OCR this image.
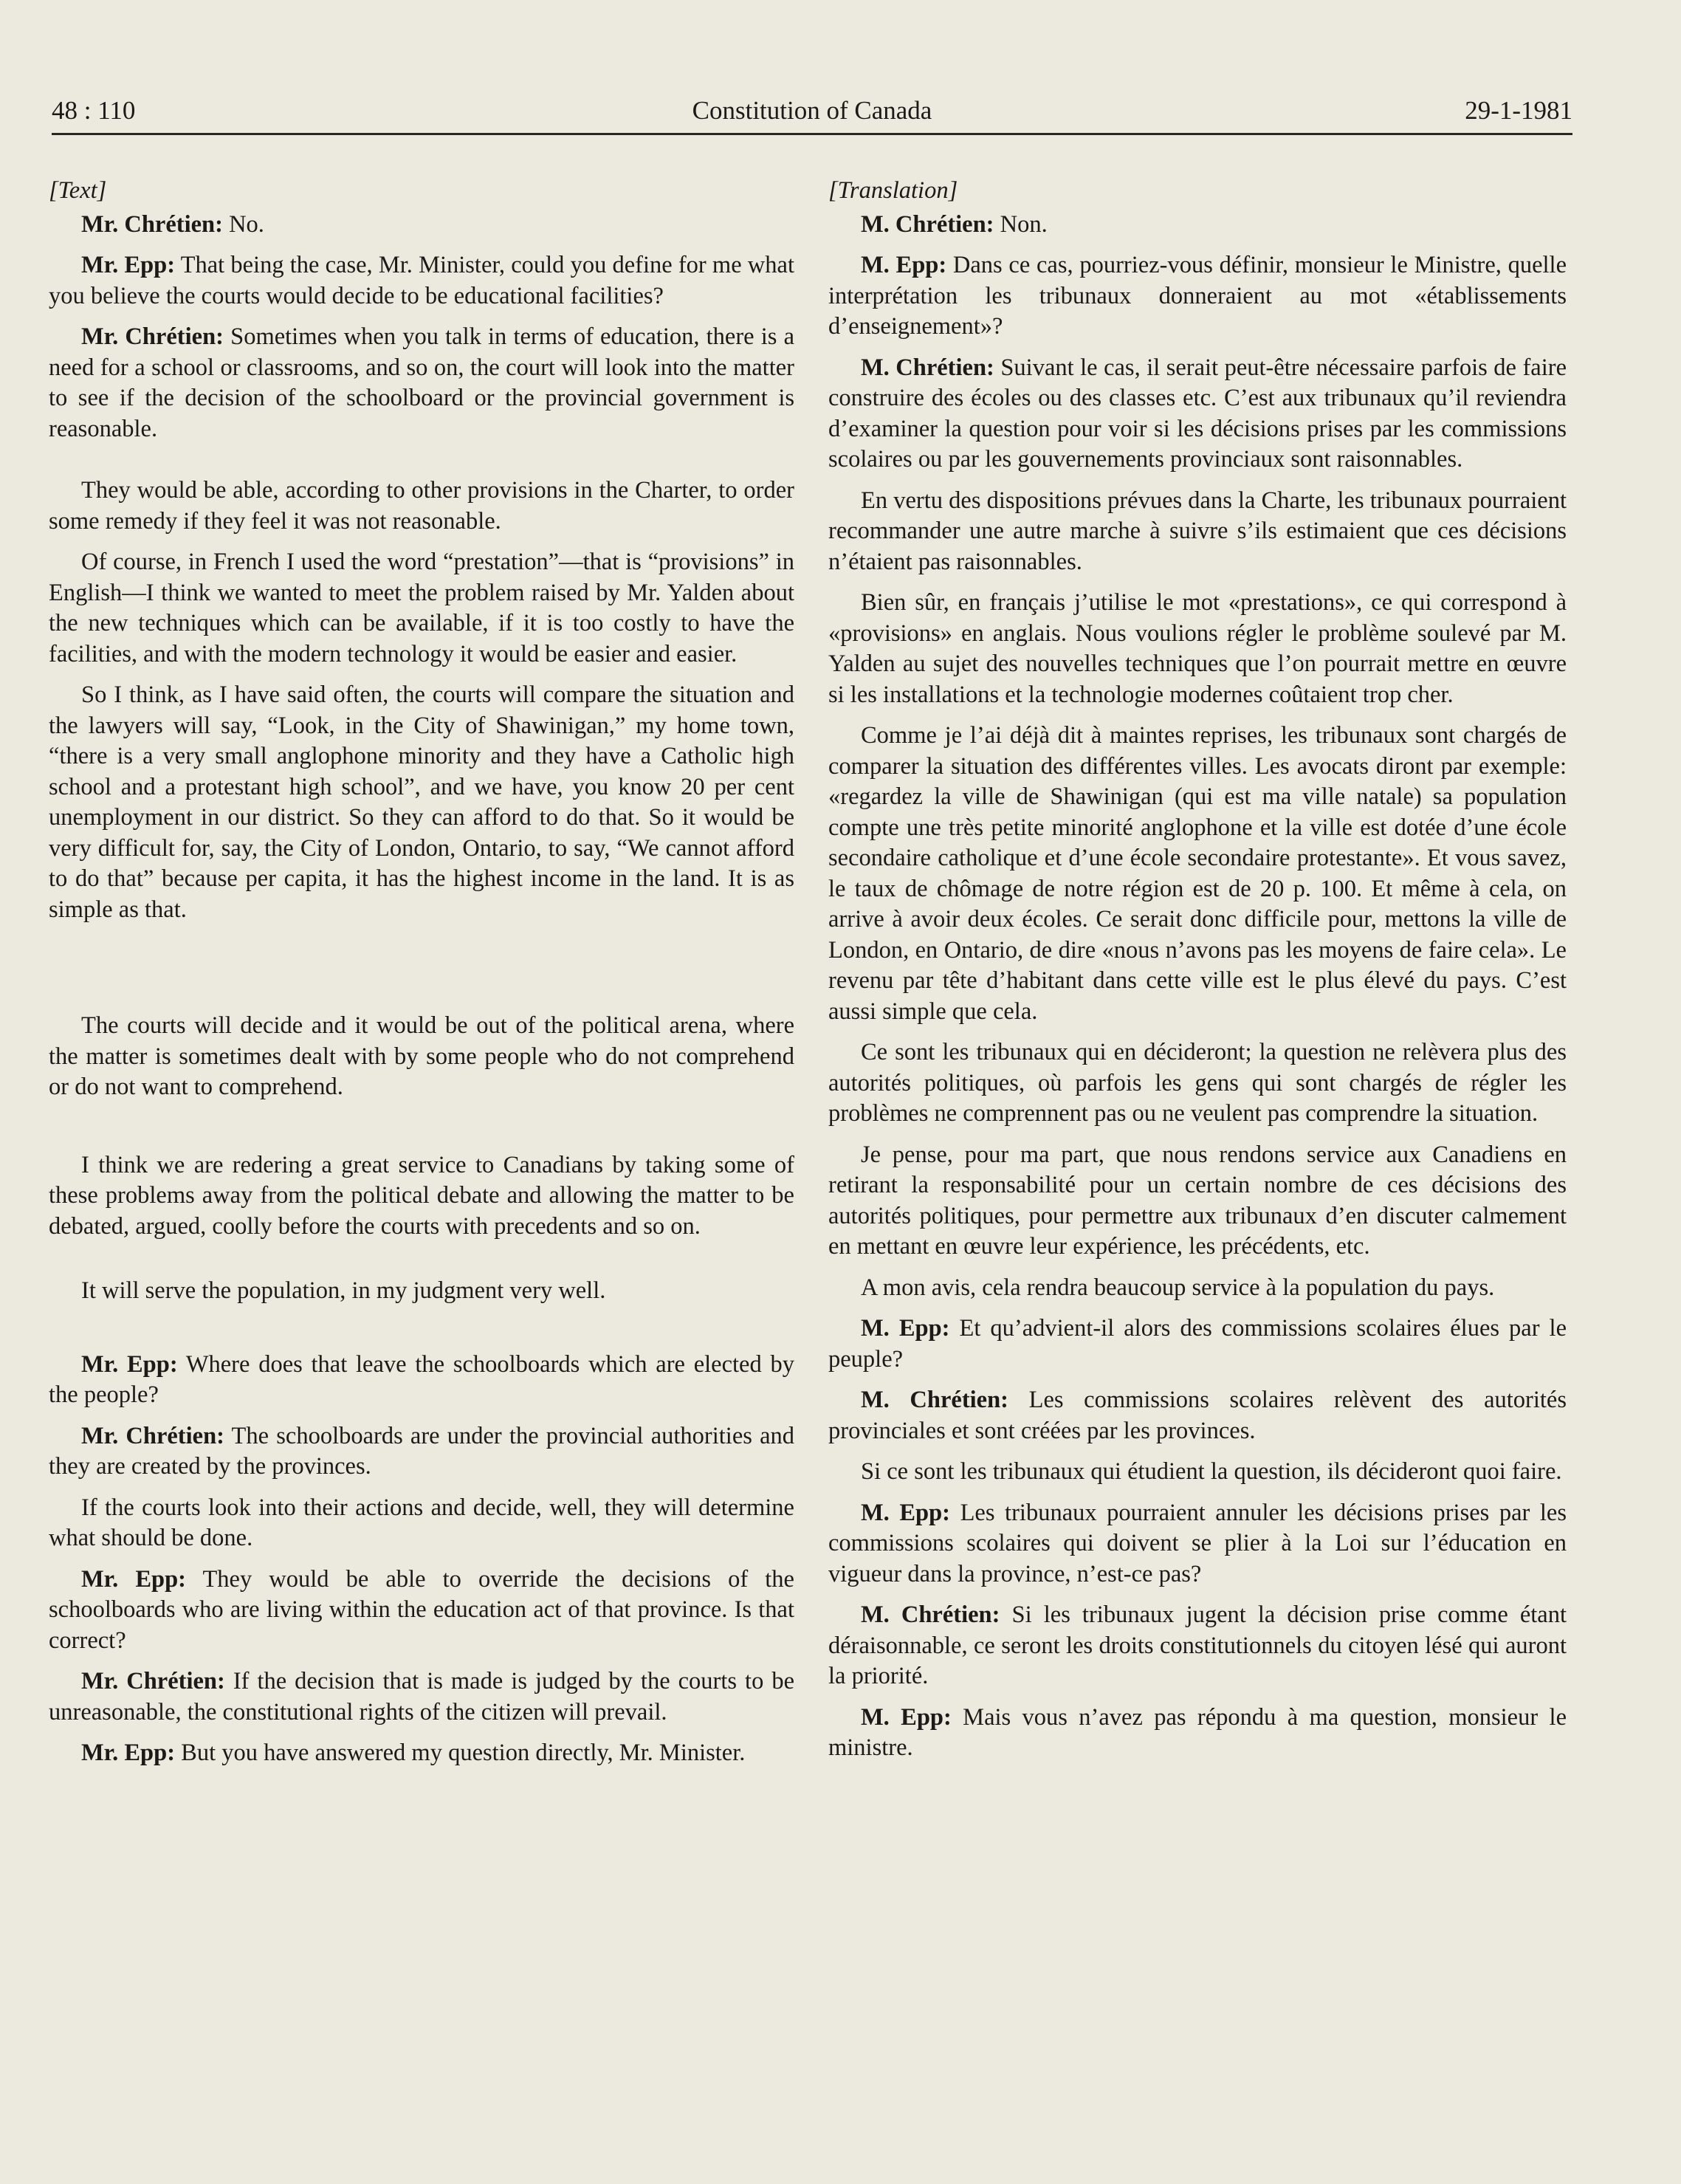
48 : 110	Constitution of Canada	29-1-1981

[Text]

Mr. Chrétien: No.

Mr. Epp: That being the case, Mr. Minister, could you define for me what you believe the courts would decide to be educational facilities?

Mr. Chrétien: Sometimes when you talk in terms of education, there is a need for a school or classrooms, and so on, the court will look into the matter to see if the decision of the schoolboard or the provincial government is reasonable.

They would be able, according to other provisions in the Charter, to order some remedy if they feel it was not reasonable.

Of course, in French I used the word “prestation”—that is “provisions” in English—I think we wanted to meet the problem raised by Mr. Yalden about the new techniques which can be available, if it is too costly to have the facilities, and with the modern technology it would be easier and easier.

So I think, as I have said often, the courts will compare the situation and the lawyers will say, “Look, in the City of Shawinigan,” my home town, “there is a very small anglophone minority and they have a Catholic high school and a protestant high school”, and we have, you know 20 per cent unemployment in our district. So they can afford to do that. So it would be very difficult for, say, the City of London, Ontario, to say, “We cannot afford to do that” because per capita, it has the highest income in the land. It is as simple as that.

The courts will decide and it would be out of the political arena, where the matter is sometimes dealt with by some people who do not comprehend or do not want to comprehend.

I think we are redering a great service to Canadians by taking some of these problems away from the political debate and allowing the matter to be debated, argued, coolly before the courts with precedents and so on.

It will serve the population, in my judgment very well.

Mr. Epp: Where does that leave the schoolboards which are elected by the people?

Mr. Chrétien: The schoolboards are under the provincial authorities and they are created by the provinces.

If the courts look into their actions and decide, well, they will determine what should be done.

Mr. Epp: They would be able to override the decisions of the schoolboards who are living within the education act of that province. Is that correct?

Mr. Chrétien: If the decision that is made is judged by the courts to be unreasonable, the constitutional rights of the citizen will prevail.

Mr. Epp: But you have answered my question directly, Mr. Minister.

[Translation]

M. Chrétien: Non.

M. Epp: Dans ce cas, pourriez-vous définir, monsieur le Ministre, quelle interprétation les tribunaux donneraient au mot «établissements d’enseignement»?

M. Chrétien: Suivant le cas, il serait peut-être nécessaire parfois de faire construire des écoles ou des classes etc. C’est aux tribunaux qu’il reviendra d’examiner la question pour voir si les décisions prises par les commissions scolaires ou par les gouvernements provinciaux sont raisonnables.

En vertu des dispositions prévues dans la Charte, les tribunaux pourraient recommander une autre marche à suivre s’ils estimaient que ces décisions n’étaient pas raisonnables.

Bien sûr, en français j’utilise le mot «prestations», ce qui correspond à «provisions» en anglais. Nous voulions régler le problème soulevé par M. Yalden au sujet des nouvelles techniques que l’on pourrait mettre en œuvre si les installations et la technologie modernes coûtaient trop cher.

Comme je l’ai déjà dit à maintes reprises, les tribunaux sont chargés de comparer la situation des différentes villes. Les avocats diront par exemple: «regardez la ville de Shawinigan (qui est ma ville natale) sa population compte une très petite minorité anglophone et la ville est dotée d’une école secondaire catholique et d’une école secondaire protestante». Et vous savez, le taux de chômage de notre région est de 20 p. 100. Et même à cela, on arrive à avoir deux écoles. Ce serait donc difficile pour, mettons la ville de London, en Ontario, de dire «nous n’avons pas les moyens de faire cela». Le revenu par tête d’habitant dans cette ville est le plus élevé du pays. C’est aussi simple que cela.

Ce sont les tribunaux qui en décideront; la question ne relèvera plus des autorités politiques, où parfois les gens qui sont chargés de régler les problèmes ne comprennent pas ou ne veulent pas comprendre la situation.

Je pense, pour ma part, que nous rendons service aux Canadiens en retirant la responsabilité pour un certain nombre de ces décisions des autorités politiques, pour permettre aux tribunaux d’en discuter calmement en mettant en œuvre leur expérience, les précédents, etc.

A mon avis, cela rendra beaucoup service à la population du pays.

M. Epp: Et qu’advient-il alors des commissions scolaires élues par le peuple?

M. Chrétien: Les commissions scolaires relèvent des autorités provinciales et sont créées par les provinces.

Si ce sont les tribunaux qui étudient la question, ils décideront quoi faire.

M. Epp: Les tribunaux pourraient annuler les décisions prises par les commissions scolaires qui doivent se plier à la Loi sur l’éducation en vigueur dans la province, n’est-ce pas?

M. Chrétien: Si les tribunaux jugent la décision prise comme étant déraisonnable, ce seront les droits constitutionnels du citoyen lésé qui auront la priorité.

M. Epp: Mais vous n’avez pas répondu à ma question, monsieur le ministre.
